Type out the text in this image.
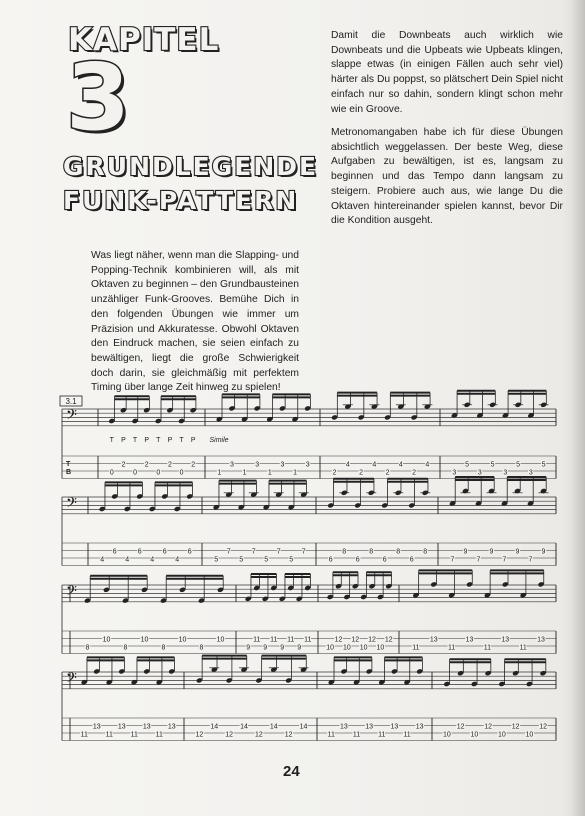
KAPITEL
3
GRUNDLEGENDE
FUNK-PATTERN
Damit die Downbeats auch wirklich wie Downbeats und die Upbeats wie Upbeats klingen, slappe etwas (in einigen Fällen auch sehr viel) härter als Du poppst, so plätschert Dein Spiel nicht einfach nur so dahin, sondern klingt schon mehr wie ein Groove.
Metronomangaben habe ich für diese Übungen absichtlich weggelassen. Der beste Weg, diese Aufgaben zu bewältigen, ist es, langsam zu beginnen und das Tempo dann langsam zu steigern. Probiere auch aus, wie lange Du die Oktaven hintereinander spielen kannst, bevor Dir die Kondition ausgeht.
Was liegt näher, wenn man die Slapping- und Popping-Technik kombinieren will, als mit Oktaven zu beginnen – den Grundbausteinen unzähliger Funk-Grooves. Bemühe Dich in den folgenden Übungen wie immer um Präzision und Akkuratesse. Obwohl Oktaven den Eindruck machen, sie seien einfach zu bewältigen, liegt die große Schwierigkeit doch darin, sie gleichmäßig mit perfektem Timing über lange Zeit hinweg zu spielen!
3.1
𝄢
T
B
2
0
2
0
2
0
2
0
T P T P T P T P
3
1
3
1
3
1
3
1
Simile
4
2
4
2
4
2
4
2
5
3
5
3
5
3
5
3
𝄢
6
4
6
4
6
4
6
4
7
5
7
5
7
5
7
5
8
6
8
6
8
6
8
6
9
7
9
7
9
7
9
7
𝄢
10
8
10
8
10
8
10
8
11
9
11
9
11
9
11
9
12
10
12
10
12
10
12
10
13
11
13
11
13
11
13
11
𝄢
13
11
13
11
13
11
13
11
14
12
14
12
14
12
14
12
13
11
13
11
13
11
13
11
12
10
12
10
12
10
12
10
24
